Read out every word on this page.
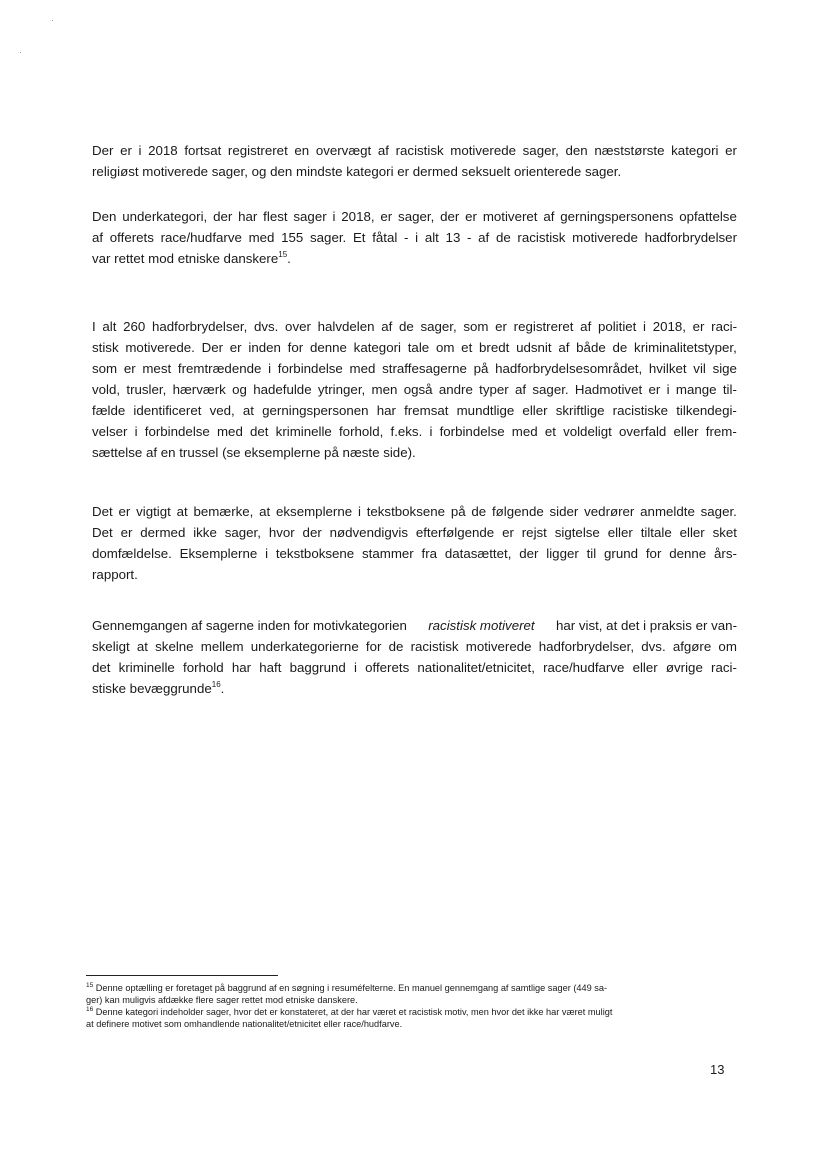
Der er i 2018 fortsat registreret en overvægt af racistisk motiverede sager, den næststørste kategori er
religiøst motiverede sager, og den mindste kategori er dermed seksuelt orienterede sager.
Den underkategori, der har flest sager i 2018, er sager, der er motiveret af gerningspersonens opfattelse
af offerets race/hudfarve med 155 sager. Et fåtal - i alt 13 - af de racistisk motiverede hadforbrydelser
var rettet mod etniske danskere$^{15}$.
I alt 260 hadforbrydelser, dvs. over halvdelen af de sager, som er registreret af politiet i 2018, er raci-
stisk motiverede. Der er inden for denne kategori tale om et bredt udsnit af både de kriminalitetstyper,
som er mest fremtrædende i forbindelse med straffesagerne på hadforbrydelsesområdet, hvilket vil sige
vold, trusler, hærværk og hadefulde ytringer, men også andre typer af sager. Hadmotivet er i mange til-
fælde identificeret ved, at gerningspersonen har fremsat mundtlige eller skriftlige racistiske tilkendegi-
velser i forbindelse med det kriminelle forhold, f.eks. i forbindelse med et voldeligt overfald eller frem-
sættelse af en trussel (se eksemplerne på næste side).
Det er vigtigt at bemærke, at eksemplerne i tekstboksene på de følgende sider vedrører anmeldte sager.
Det er dermed ikke sager, hvor der nødvendigvis efterfølgende er rejst sigtelse eller tiltale eller sket
domfældelse. Eksemplerne i tekstboksene stammer fra datasættet, der ligger til grund for denne års-
rapport.
Gennemgangen af sagerne inden for motivkategorien racistisk motiveret har vist, at det i praksis er van-
skeligt at skelne mellem underkategorierne for de racistisk motiverede hadforbrydelser, dvs. afgøre om
det kriminelle forhold har haft baggrund i offerets nationalitet/etnicitet, race/hudfarve eller øvrige raci-
stiske bevæggrunde$^{16}$.
$^{15}$ Denne optælling er foretaget på baggrund af en søgning i resuméfelterne. En manuel gennemgang af samtlige sager (449 sa-
ger) kan muligvis afdække flere sager rettet mod etniske danskere.
$^{16}$ Denne kategori indeholder sager, hvor det er konstateret, at der har været et racistisk motiv, men hvor det ikke har været muligt
at definere motivet som omhandlende nationalitet/etnicitet eller race/hudfarve.
13
